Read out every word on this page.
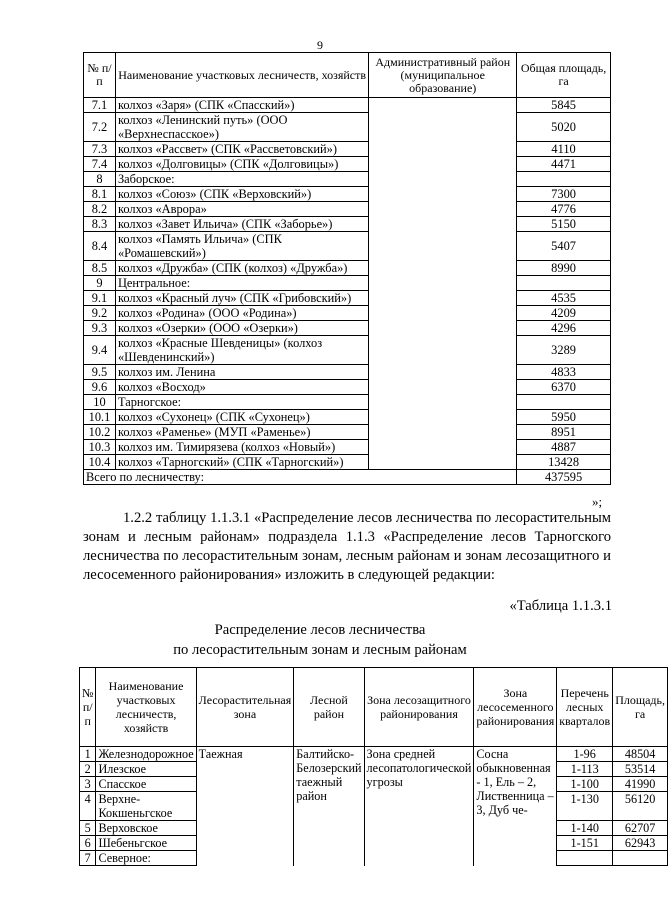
9
№ п/п	Наименование участковых лесничеств, хозяйств	Административный район (муниципальное образование)	Общая площадь, га
7.1	колхоз «Заря» (СПК «Спасский»)		5845
7.2	колхоз «Ленинский путь» (ООО «Верхнеспасское»)		5020
7.3	колхоз «Рассвет» (СПК «Рассветовский»)		4110
7.4	колхоз «Долговицы» (СПК «Долговицы»)		4471
8	Заборское:		
8.1	колхоз «Союз» (СПК «Верховский»)		7300
8.2	колхоз «Аврора»		4776
8.3	колхоз «Завет Ильича» (СПК «Заборье»)		5150
8.4	колхоз «Память Ильича» (СПК «Ромашевский»)		5407
8.5	колхоз «Дружба» (СПК (колхоз) «Дружба»)		8990
9	Центральное:		
9.1	колхоз «Красный луч» (СПК «Грибовский»)		4535
9.2	колхоз «Родина» (ООО «Родина»)		4209
9.3	колхоз «Озерки» (ООО «Озерки»)		4296
9.4	колхоз «Красные Шевденицы» (колхоз «Шевденинский»)		3289
9.5	колхоз им. Ленина		4833
9.6	колхоз «Восход»		6370
10	Тарногское:		
10.1	колхоз «Сухонец» (СПК «Сухонец»)		5950
10.2	колхоз «Раменье» (МУП «Раменье»)		8951
10.3	колхоз им. Тимирязева (колхоз «Новый»)		4887
10.4	колхоз «Тарногский» (СПК «Тарногский»)		13428
Всего по лесничеству:			437595
»;

1.2.2 таблицу 1.1.3.1 «Распределение лесов лесничества по лесорастительным зонам и лесным районам» подраздела 1.1.3 «Распределение лесов Тарногского лесничества по лесорастительным зонам, лесным районам и зонам лесозащитного и лесосеменного районирования» изложить в следующей редакции:

«Таблица 1.1.3.1
Распределение лесов лесничества
по лесорастительным зонам и лесным районам
№ п/п	Наименование участковых лесничеств, хозяйств	Лесорастительная зона	Лесной район	Зона лесозащитного районирования	Зона лесосеменного районирования	Перечень лесных кварталов	Площадь, га
1	Железнодорожное	Таежная	Балтийско-Белозерский таежный район	Зона средней лесопатологической угрозы	Сосна обыкновенная - 1, Ель – 2, Лиственница – 3, Дуб че-	1-96	48504
2	Илезское					1-113	53514
3	Спасское					1-100	41990
4	Верхне-Кокшеньгское					1-130	56120
5	Верховское					1-140	62707
6	Шебеньгское					1-151	62943
7	Северное:						
